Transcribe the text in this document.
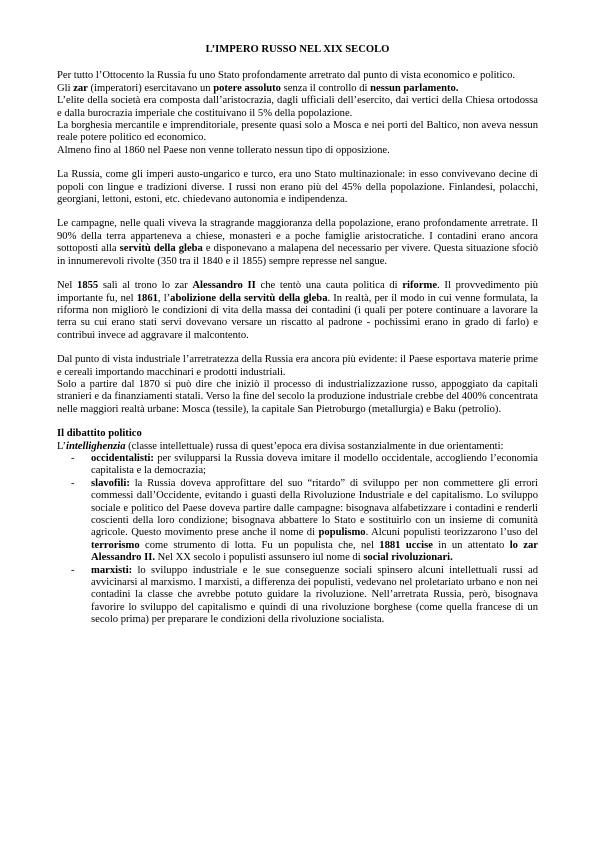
L’IMPERO RUSSO NEL XIX SECOLO

Per tutto l’Ottocento la Russia fu uno Stato profondamente arretrato dal punto di vista economico e politico.

Gli zar (imperatori) esercitavano un potere assoluto senza il controllo di nessun parlamento.

L’elite della società era composta dall’aristocrazia, dagli ufficiali dell’esercito, dai vertici della Chiesa ortodossa e dalla burocrazia imperiale che costituivano il 5% della popolazione.

La borghesia mercantile e imprenditoriale, presente quasi solo a Mosca e nei porti del Baltico, non aveva nessun reale potere politico ed economico.

Almeno fino al 1860 nel Paese non venne tollerato nessun tipo di opposizione.

La Russia, come gli imperi austo-ungarico e turco, era uno Stato multinazionale: in esso convivevano decine di popoli con lingue e tradizioni diverse. I russi non erano più del 45% della popolazione. Finlandesi, polacchi, georgiani, lettoni, estoni, etc. chiedevano autonomia e indipendenza.

Le campagne, nelle quali viveva la stragrande maggioranza della popolazione, erano profondamente arretrate. Il 90% della terra apparteneva a chiese, monasteri e a poche famiglie aristocratiche. I contadini erano ancora sottoposti alla servitù della gleba e disponevano a malapena del necessario per vivere. Questa situazione sfociò in innumerevoli rivolte (350 tra il 1840 e il 1855) sempre represse nel sangue.

Nel 1855 salì al trono lo zar Alessandro II che tentò una cauta politica di riforme. Il provvedimento più importante fu, nel 1861, l’abolizione della servitù della gleba. In realtà, per il modo in cui venne formulata, la riforma non migliorò le condizioni di vita della massa dei contadini (i quali per potere continuare a lavorare la terra su cui erano stati servi dovevano versare un riscatto al padrone - pochissimi erano in grado di farlo) e contribuì invece ad aggravare il malcontento.

Dal punto di vista industriale l’arretratezza della Russia era ancora più evidente: il Paese esportava materie prime e cereali importando macchinari e prodotti industriali.

Solo a partire dal 1870 si può dire che iniziò il processo di industrializzazione russo, appoggiato da capitali stranieri e da finanziamenti statali. Verso la fine del secolo la produzione industriale crebbe del 400% concentrata nelle maggiori realtà urbane: Mosca (tessile), la capitale San Pietroburgo (metallurgia) e Baku (petrolio).

Il dibattito politico

L’intellighenzia (classe intellettuale) russa di quest’epoca era divisa sostanzialmente in due orientamenti:

- occidentalisti: per svilupparsi la Russia doveva imitare il modello occidentale, accogliendo l’economia capitalista e la democrazia;
- slavofili: la Russia doveva approfittare del suo “ritardo” di sviluppo per non commettere gli errori commessi dall’Occidente, evitando i guasti della Rivoluzione Industriale e del capitalismo. Lo sviluppo sociale e politico del Paese doveva partire dalle campagne: bisognava alfabetizzare i contadini e renderli coscienti della loro condizione; bisognava abbattere lo Stato e sostituirlo con un insieme di comunità agricole. Questo movimento prese anche il nome di populismo. Alcuni populisti teorizzarono l’uso del terrorismo come strumento di lotta. Fu un populista che, nel 1881 uccise in un attentato lo zar Alessandro II. Nel XX secolo i populisti assunsero iul nome di social rivoluzionari.
- marxisti: lo sviluppo industriale e le sue conseguenze sociali spinsero alcuni intellettuali russi ad avvicinarsi al marxismo. I marxisti, a differenza dei populisti, vedevano nel proletariato urbano e non nei contadini la classe che avrebbe potuto guidare la rivoluzione. Nell’arretrata Russia, però, bisognava favorire lo sviluppo del capitalismo e quindi di una rivoluzione borghese (come quella francese di un secolo prima) per preparare le condizioni della rivoluzione socialista.
